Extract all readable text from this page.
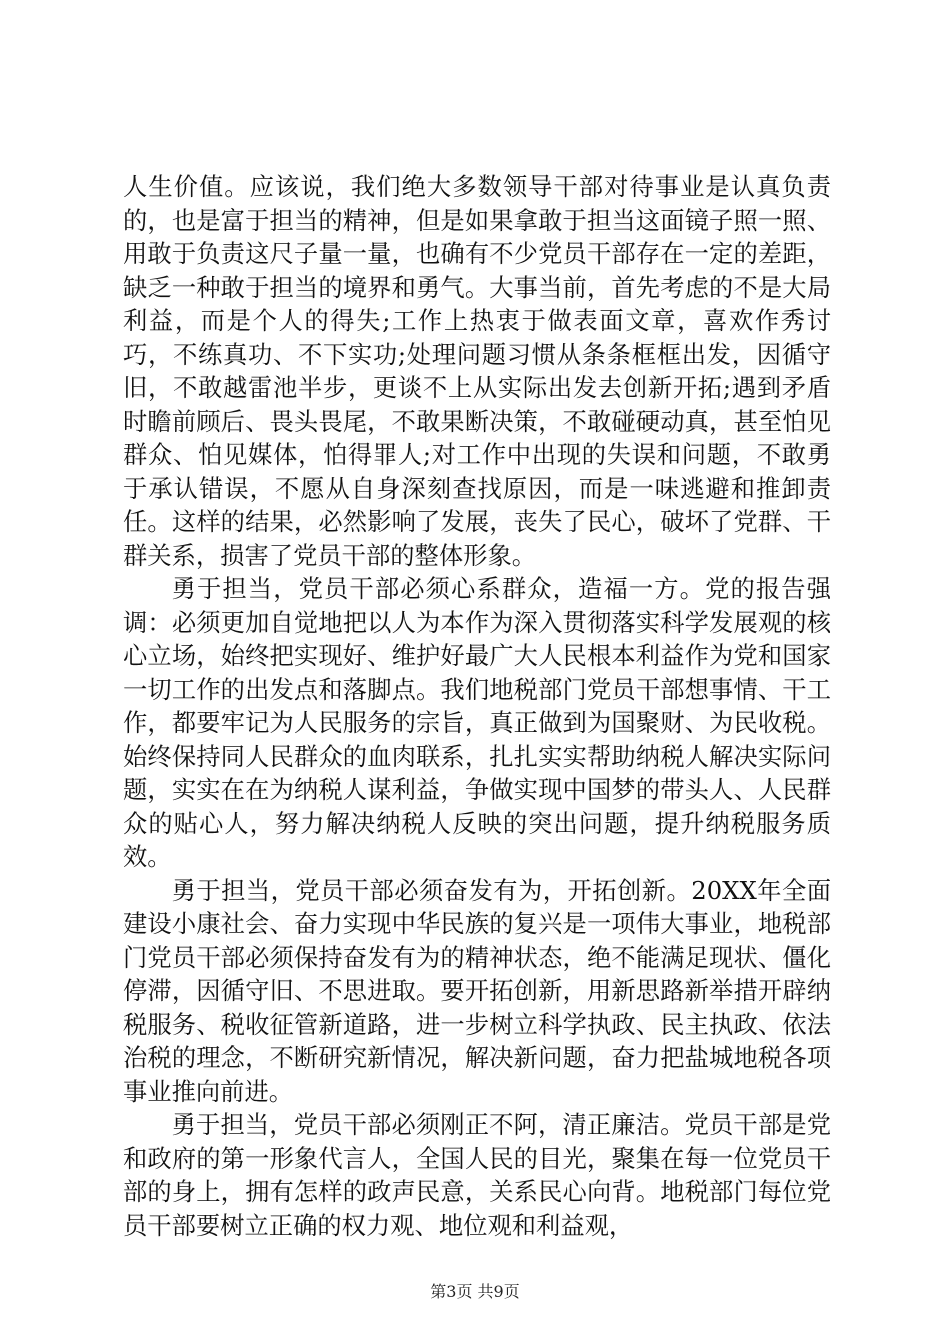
人生价值。应该说，我们绝大多数领导干部对待事业是认真负责的，也是富于担当的精神，但是如果拿敢于担当这面镜子照一照、用敢于负责这尺子量一量，也确有不少党员干部存在一定的差距，缺乏一种敢于担当的境界和勇气。大事当前，首先考虑的不是大局利益，而是个人的得失;工作上热衷于做表面文章，喜欢作秀讨巧，不练真功、不下实功;处理问题习惯从条条框框出发，因循守旧，不敢越雷池半步，更谈不上从实际出发去创新开拓;遇到矛盾时瞻前顾后、畏头畏尾，不敢果断决策，不敢碰硬动真，甚至怕见群众、怕见媒体，怕得罪人;对工作中出现的失误和问题，不敢勇于承认错误，不愿从自身深刻查找原因，而是一味逃避和推卸责任。这样的结果，必然影响了发展，丧失了民心，破坏了党群、干群关系，损害了党员干部的整体形象。

勇于担当，党员干部必须心系群众，造福一方。党的报告强调：必须更加自觉地把以人为本作为深入贯彻落实科学发展观的核心立场，始终把实现好、维护好最广大人民根本利益作为党和国家一切工作的出发点和落脚点。我们地税部门党员干部想事情、干工作，都要牢记为人民服务的宗旨，真正做到为国聚财、为民收税。始终保持同人民群众的血肉联系，扎扎实实帮助纳税人解决实际问题，实实在在为纳税人谋利益，争做实现中国梦的带头人、人民群众的贴心人，努力解决纳税人反映的突出问题，提升纳税服务质效。

勇于担当，党员干部必须奋发有为，开拓创新。20XX年全面建设小康社会、奋力实现中华民族的复兴是一项伟大事业，地税部门党员干部必须保持奋发有为的精神状态，绝不能满足现状、僵化停滞，因循守旧、不思进取。要开拓创新，用新思路新举措开辟纳税服务、税收征管新道路，进一步树立科学执政、民主执政、依法治税的理念，不断研究新情况，解决新问题，奋力把盐城地税各项事业推向前进。

勇于担当，党员干部必须刚正不阿，清正廉洁。党员干部是党和政府的第一形象代言人，全国人民的目光，聚集在每一位党员干部的身上，拥有怎样的政声民意，关系民心向背。地税部门每位党员干部要树立正确的权力观、地位观和利益观，

第3页 共9页
